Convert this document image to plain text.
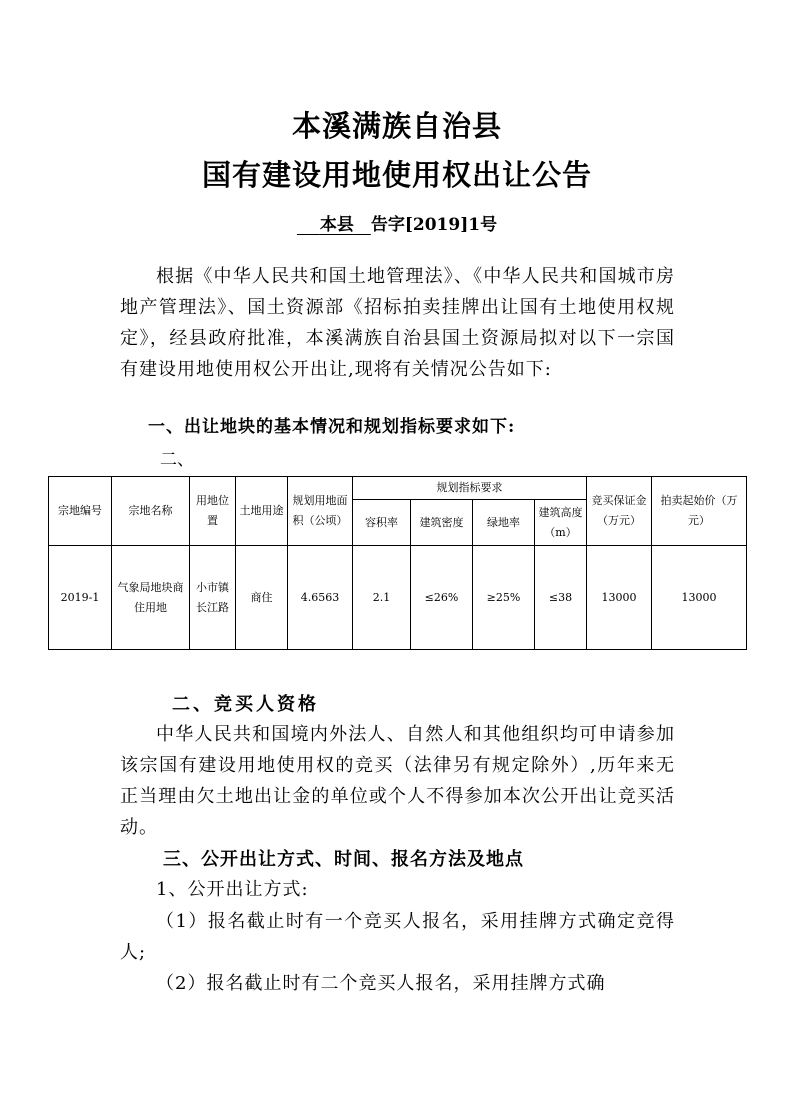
本溪满族自治县
国有建设用地使用权出让公告
　 本县　 告字[2019]1号

根据《中华人民共和国土地管理法》、《中华人民共和国城市房地产管理法》、国土资源部《招标拍卖挂牌出让国有土地使用权规定》，经县政府批准，本溪满族自治县国土资源局拟对以下一宗国有建设用地使用权公开出让,现将有关情况公告如下:

一、出让地块的基本情况和规划指标要求如下:
二、
宗地编号	宗地名称	用地位置	土地用途	规划用地面积（公顷）	规划指标要求				竞买保证金（万元）	拍卖起始价（万元）
					容积率	建筑密度	绿地率	建筑高度（m）		
2019-1	气象局地块商住用地	小市镇长江路	商住	4.6563	2.1	≤26%	≥25%	≤38	13000	13000
二、竞买人资格

中华人民共和国境内外法人、自然人和其他组织均可申请参加该宗国有建设用地使用权的竞买（法律另有规定除外）,历年来无正当理由欠土地出让金的单位或个人不得参加本次公开出让竞买活动。

三、公开出让方式、时间、报名方法及地点
1、公开出让方式:

（1）报名截止时有一个竞买人报名，采用挂牌方式确定竞得人;

（2）报名截止时有二个竞买人报名，采用挂牌方式确
